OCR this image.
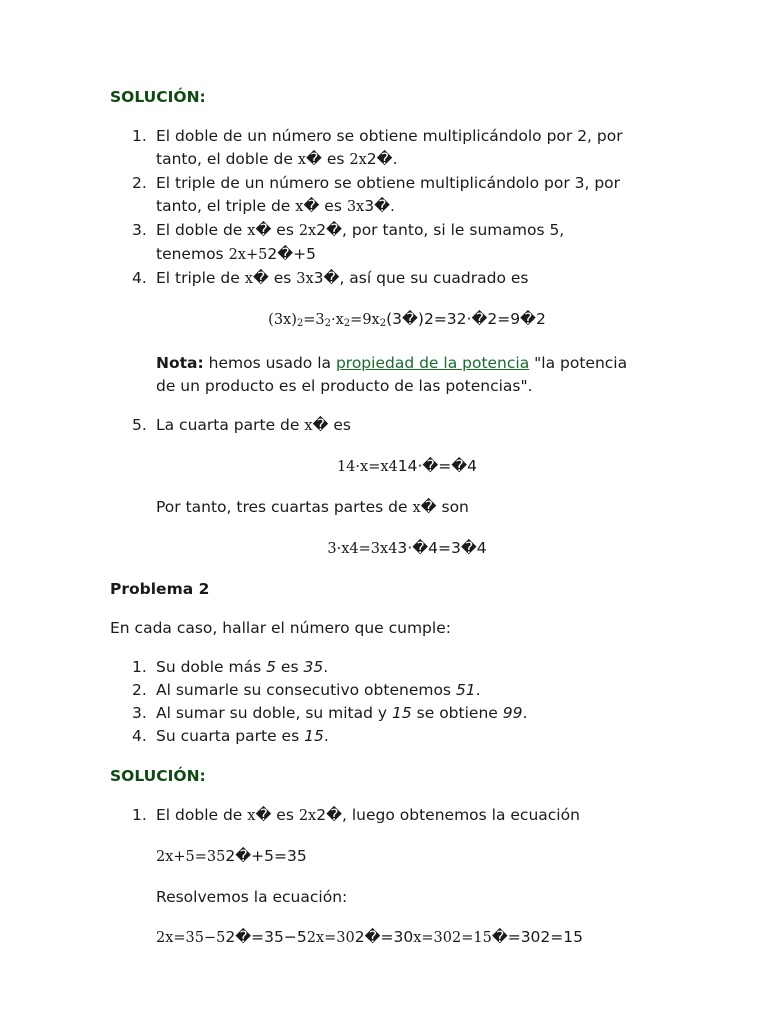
SOLUCIÓN:

1. El doble de un número se obtiene multiplicándolo por 2, por
tanto, el doble de x� es 2x2�.
2. El triple de un número se obtiene multiplicándolo por 3, por
tanto, el triple de x� es 3x3�.
3. El doble de x� es 2x2�, por tanto, si le sumamos 5,
tenemos 2x+52�+5
4. El triple de x� es 3x3�, así que su cuadrado es
$(3x)_2=3_2\cdot x_2=9x_2(3�)2=32\cdot�2=9�2$
Nota: hemos usado la propiedad de la potencia "la potencia
de un producto es el producto de las potencias".
5. La cuarta parte de x� es
14·x=x414·�=�4
Por tanto, tres cuartas partes de x� son
3·x4=3x43·�4=3�4

Problema 2

En cada caso, hallar el número que cumple:
1. Su doble más 5 es 35.
2. Al sumarle su consecutivo obtenemos 51.
3. Al sumar su doble, su mitad y 15 se obtiene 99.
4. Su cuarta parte es 15.

SOLUCIÓN:

1. El doble de x� es 2x2�, luego obtenemos la ecuación
2x+5=352�+5=35
Resolvemos la ecuación:
2x=35−52�=35−52x=302�=30x=302=15�=302=15
